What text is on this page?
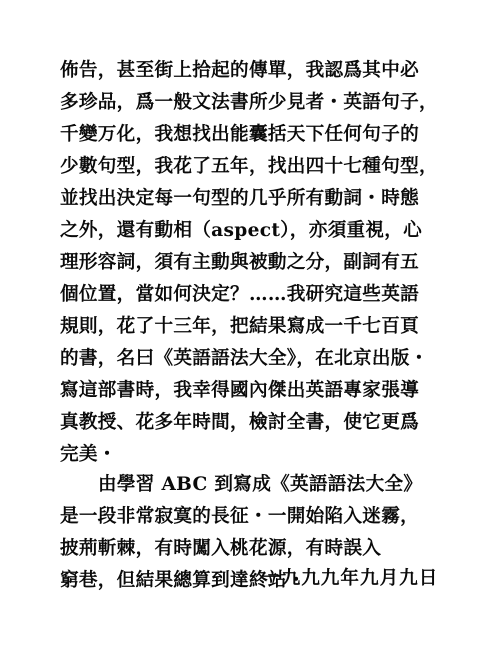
佈告，甚至街上拾起的傳單，我認爲其中必
多珍品，爲一般文法書所少見者・英語句子，
千變万化，我想找出能囊括天下任何句子的
少數句型，我花了五年，找出四十七種句型，
並找出決定每一句型的几乎所有動詞・時態
之外，還有動相（aspect），亦須重視，心
理形容詞，須有主動與被動之分，副詞有五
個位置，當如何決定？……我研究這些英語
規則，花了十三年，把結果寫成一千七百頁
的書，名曰《英語語法大全》，在北京出版・
寫這部書時，我幸得國內傑出英語專家張導
真教授、花多年時間，檢討全書，使它更爲
完美・
由學習 ABC 到寫成《英語語法大全》
是一段非常寂寞的長征・一開始陷入迷霧，
披荊斬棘，有時闖入桃花源，有時誤入
窮巷，但結果總算到達終站・
一九九九年九月九日
